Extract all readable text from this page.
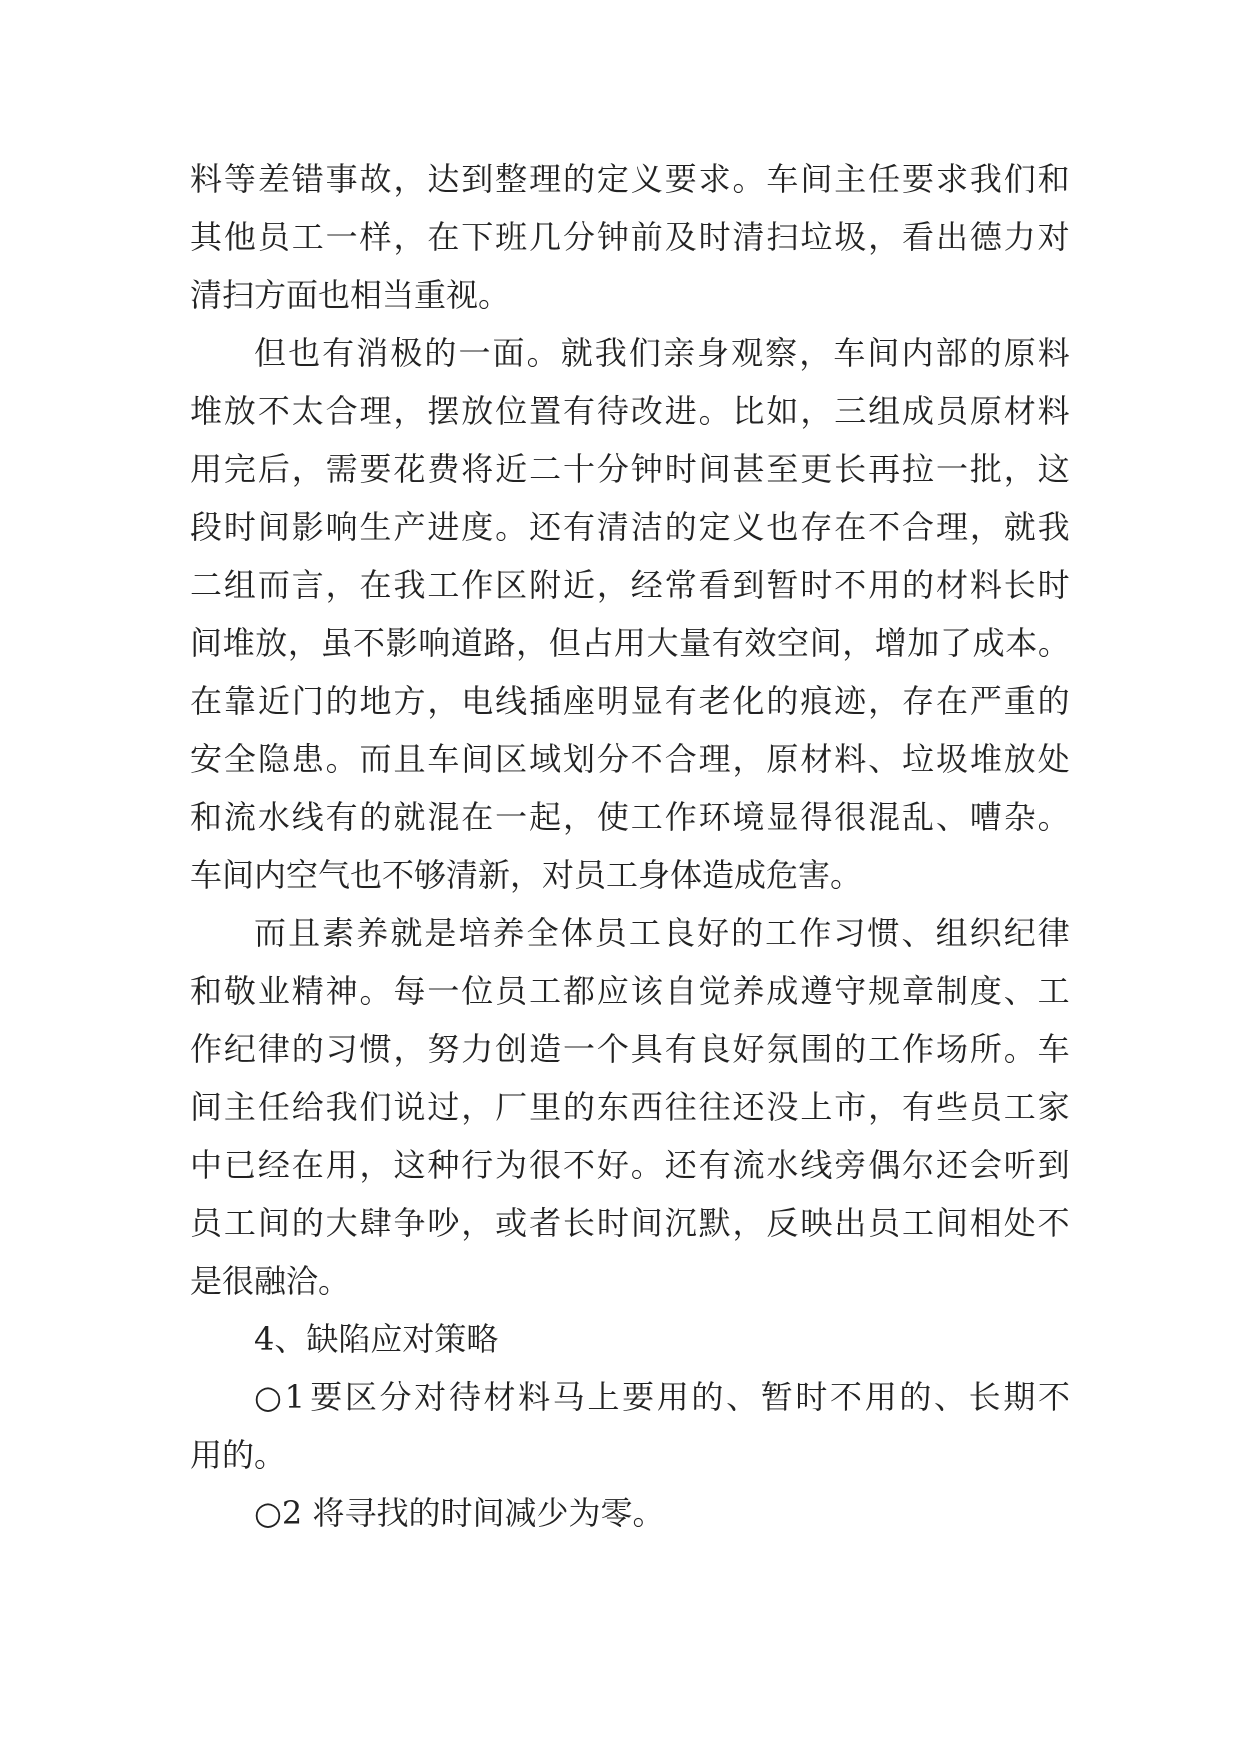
料 等 差 错 事 故 ， 达 到 整 理 的 定 义 要 求 。 车 间 主 任 要 求 我 们 和
其 他 员 工 一 样 ， 在 下 班 几 分 钟 前 及 时 清 扫 垃 圾 ， 看 出 德 力 对
清扫方面也相当重视。
但 也 有 消 极 的 一 面 。 就 我 们 亲 身 观 察 ， 车 间 内 部 的 原 料
堆 放 不 太 合 理 ， 摆 放 位 置 有 待 改 进 。 比 如 ， 三 组 成 员 原 材 料
用 完 后 ， 需 要 花 费 将 近 二 十 分 钟 时 间 甚 至 更 长 再 拉 一 批 ， 这
段 时 间 影 响 生 产 进 度 。 还 有 清 洁 的 定 义 也 存 在 不 合 理 ， 就 我
二 组 而 言 ， 在 我 工 作 区 附 近 ， 经 常 看 到 暂 时 不 用 的 材 料 长 时
间 堆 放 ， 虽 不 影 响 道 路 ， 但 占 用 大 量 有 效 空 间 ， 增 加 了 成 本 。
在 靠 近 门 的 地 方 ， 电 线 插 座 明 显 有 老 化 的 痕 迹 ， 存 在 严 重 的
安 全 隐 患 。 而 且 车 间 区 域 划 分 不 合 理 ， 原 材 料 、 垃 圾 堆 放 处
和 流 水 线 有 的 就 混 在 一 起 ， 使 工 作 环 境 显 得 很 混 乱 、 嘈 杂 。
车间内空气也不够清新，对员工身体造成危害。
而 且 素 养 就 是 培 养 全 体 员 工 良 好 的 工 作 习 惯 、 组 织 纪 律
和 敬 业 精 神 。 每 一 位 员 工 都 应 该 自 觉 养 成 遵 守 规 章 制 度 、 工
作 纪 律 的 习 惯 ， 努 力 创 造 一 个 具 有 良 好 氛 围 的 工 作 场 所 。 车
间 主 任 给 我 们 说 过 ， 厂 里 的 东 西 往 往 还 没 上 市 ， 有 些 员 工 家
中 已 经 在 用 ， 这 种 行 为 很 不 好 。 还 有 流 水 线 旁 偶 尔 还 会 听 到
员 工 间 的 大 肆 争 吵 ， 或 者 长 时 间 沉 默 ， 反 映 出 员 工 间 相 处 不
是很融洽。
4、缺陷应对策略
○ 1 要 区 分 对 待 材 料 马 上 要 用 的 、 暂 时 不 用 的 、 长 期 不
用的。
○2 将寻找的时间减少为零。
